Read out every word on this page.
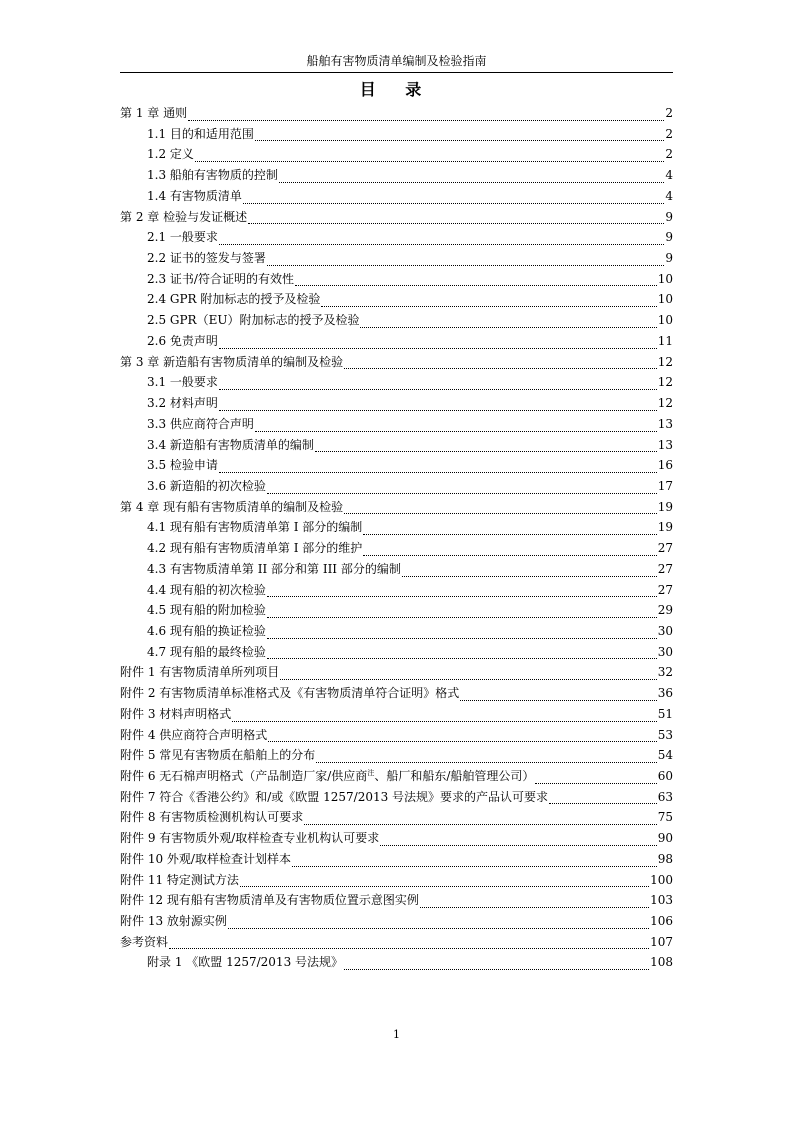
船舶有害物质清单编制及检验指南
目 录
第 1 章 通则	2
1.1 目的和适用范围	2
1.2 定义	2
1.3 船舶有害物质的控制	4
1.4 有害物质清单	4
第 2 章 检验与发证概述	9
2.1 一般要求	9
2.2 证书的签发与签署	9
2.3 证书/符合证明的有效性	10
2.4 GPR 附加标志的授予及检验	10
2.5 GPR（EU）附加标志的授予及检验	10
2.6 免责声明	11
第 3 章 新造船有害物质清单的编制及检验	12
3.1 一般要求	12
3.2 材料声明	12
3.3 供应商符合声明	13
3.4 新造船有害物质清单的编制	13
3.5 检验申请	16
3.6 新造船的初次检验	17
第 4 章 现有船有害物质清单的编制及检验	19
4.1 现有船有害物质清单第 I 部分的编制	19
4.2 现有船有害物质清单第 I 部分的维护	27
4.3 有害物质清单第 II 部分和第 III 部分的编制	27
4.4 现有船的初次检验	27
4.5 现有船的附加检验	29
4.6 现有船的换证检验	30
4.7 现有船的最终检验	30
附件 1 有害物质清单所列项目	32
附件 2 有害物质清单标准格式及《有害物质清单符合证明》格式	36
附件 3 材料声明格式	51
附件 4 供应商符合声明格式	53
附件 5 常见有害物质在船舶上的分布	54
附件 6 无石棉声明格式（产品制造厂家/供应商$^注$、船厂和船东/船舶管理公司）	60
附件 7 符合《香港公约》和/或《欧盟 1257/2013 号法规》要求的产品认可要求	63
附件 8 有害物质检测机构认可要求	75
附件 9 有害物质外观/取样检查专业机构认可要求	90
附件 10 外观/取样检查计划样本	98
附件 11 特定测试方法	100
附件 12 现有船有害物质清单及有害物质位置示意图实例	103
附件 13 放射源实例	106
参考资料	107
附录 1 《欧盟 1257/2013 号法规》	108
1
